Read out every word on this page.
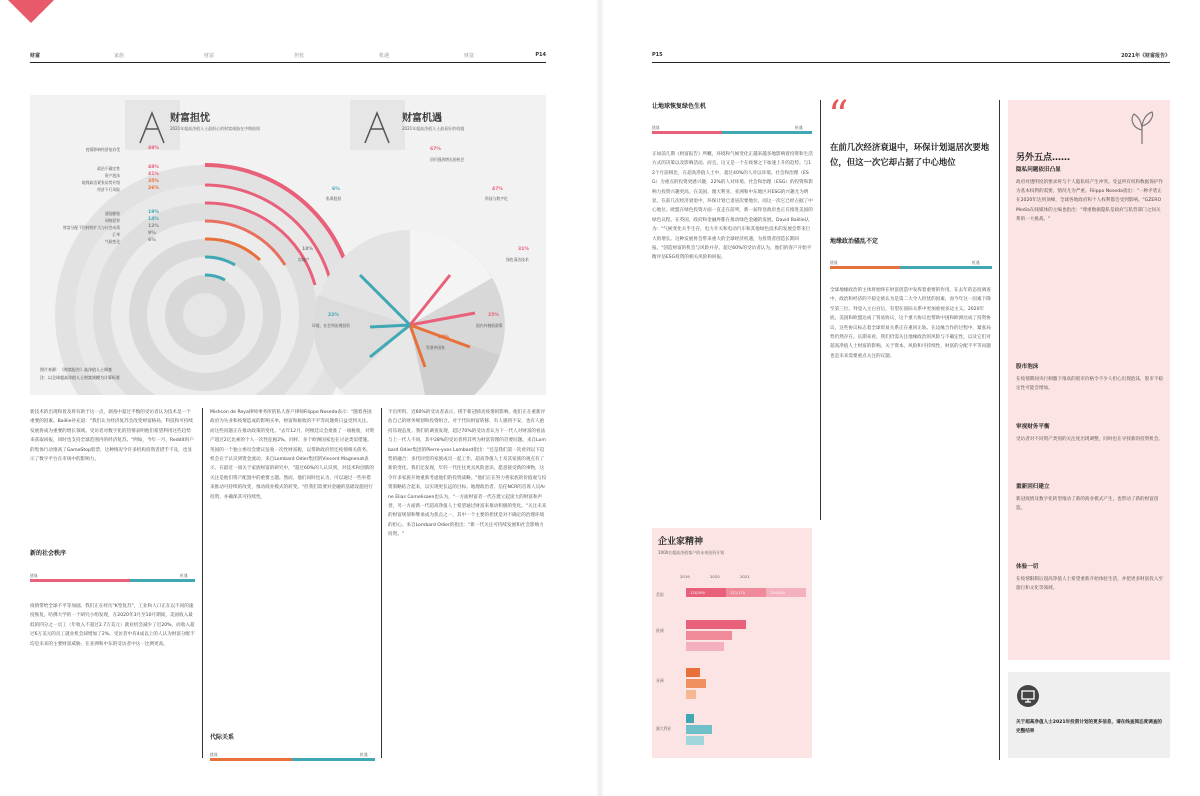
财富	家族	财富	担忧	机遇	财富	P14
财富担忧
2021年超高净值人士最担心的财富威胁在中期前间
疫情影响经济复苏受	49%
政治不确定性	48%
资产泡沫	41%
地缘政治紧张局势升级	35%
经济下行风险	26%
通货膨胀	19%
网络犯罪	14%
财富分配不均持续扩大与社会动荡	12%
汇率	9%
气候变化	6%
财富机遇
2021年超高净值人士最看好的机遇
67%
回归强劲增长的机会
47%
科技与数字化
31%
绿色清洁技术
25%
国内外税收政策
23%
发展中国家
22%
环境、社会和治理投资
18%
房地产
6%
私募股权
图片来源：《财富报告》高净值人士调查
注：以全球超高净值人士财富规模为计算标准
新技术的出现和普及将有助于这一点，调查中超过半数的受访者认为技术是一个重要的因素。Baillie补充道："我们认为经济复苏会改变财富格局，科技和可持续发展将成为重要的增长领域。受访者对数字化的热情表明他们希望利用这些趋势来获取回报，同时也支持全球范围内的经济复苏。"例如，今年一月，Reddit用户的集体行动推高了GameStop股票，这种情况令许多机构投资者措手不及，也显示了数字平台在市场中的影响力。
新的社会秩序
挑战	机遇
疫情带给全球不平等加剧。我们正在经历"K型复苏"，工业和人口正在以不同的速度恢复。哈佛大学的一个研究小组发现，在2020年3月至10月期间，美国收入最低的四分之一员工（年收入不超过2.7万美元）就业机会减少了近20%，而收入超过6万美元的员工就业机会却增加了2%。受访者中有4成以上的人认为财富分配不均是未来的主要财富威胁，在亚洲和中东的受访者中这一比例更高。
Mishcon de Reya律师事务所的私人客户律师Filippo Noseda表示："随着各国政府为失业和疫情造成的影响买单，财富和税收的不平等问题将日益受到关注。而这些问题正在推动政策的变化。"去年12月，阿根廷议会批准了一项税收，对资产超过2亿比索的个人一次性征税2%。同样，多个欧洲国家也在讨论类似措施。英国的一个独立委员会建议征收一次性财富税，以帮助政府偿还疫情相关债务。机会在于认识到资金流动。来自Lombard Odier集团的Vincent Magnenat表示，在最近一项关于家族财富的研究中，"超过60%的人认识到，对技术和创新的关注是他们资产配置中的重要主题。然而，他们同时也认为，可以通过一些举措来推动可持续的改变，推动商业模式的转变。"但我们需要对金融的基础设施进行投资，并确保其可持续性。
代际关系
挑战	机遇
不出所料，近60%的受访者表示，援手新冠肺炎疫情的影响，他们正在重新评估自己的财务规划和投资组合。对于代际财富转移，有人感到不安，也有人抱持乐观态度。我们的调查发现，超过70%的受访者认为下一代人对财富的看法与上一代人不同，其中28%的受访者将其列为财富管理的首要问题。来自Lombard Odier集团的Pierre-yves Lombard指出："还是我们第一次看到以下趋势的融合：多代同堂的家族成员一起工作，超高净值人士及其家族的观点有了新的变化。我们还发现，年轻一代往往更具风险意识，愿意接受新的事物，这令许多家族开始重新考虑他们的投资战略。"他们正在努力将家族的价值观与投资策略结合起来，以实现更长远的目标。地理政治者、信任NCR的首席人员Arne Elias Cornelisaen也认为，"一方面财富者一代在建立起庞大的财富和声誉，另一方面新一代超高净值人士希望通过财富来推动积极的变化。"关注未来的财富规划和继承成为焦点之一，其中一个主要的担忧是对不确定的治理环境的担心。来自Lombard Odier的指出："新一代关注可持续发展和社会影响力投资。"
P15	2021年《财富报告》
让地球恢复绿色生机
挑战	机遇
正如前几期《财富报告》所概，环境和气候变化正越来越多地影响着投资和生活方式的决策以及影响活动。而且，这又是一个在疫情之下加速上升的趋势。与12个月前相比，在超高净值人士中，超过40%的人对以环境、社会和治理（ESG）为重点的投资更感兴趣，22%的人对环境、社会和治理（ESG）的投资和影响力投资兴趣更高。在美国、澳大利亚、亚洲和中东地区对ESG的兴趣尤为明显。在前几次经济衰退中，环保计划已退居次要地位，而这一次它已经占据了中心地位。欧盟在绿色投资方面一直走在前列，新一届拜登政府也正在推进美国的绿色议程。在英国，政府和金融界都在推动绿色金融的发展。David Baillie认为："气候变化关乎生存，电力开关和电动汽车和其他绿色技术的发展会带来巨大的增长。这种发展将会带来重大的全球经济机遇，为投资者创造长期回报。"创造财富的机会与风险并存。超过60%的受访者认为，他们的客户开始平衡评估ESG投资的相关风险和回报。
企业家精神
1000名超高净值客户的未来投资计划
2019	2020	2021
美国	128,590	123,170	134,000
欧洲
亚洲
澳大利亚
“
在前几次经济衰退中，环保计划退居次要地位，但这一次它却占据了中心地位
地缘政治骚乱不定
挑战	机遇
全球地缘政治的主体将始终在财富创造中发挥着重要的作用。在去年的态度调查中，政治和经济的不稳定被认为是第二大令人担忧的因素，而今年这一因素下降至第三位。拜登入主白宫后，有望在国际关系中更加重视多边主义。2020年底，美国和欧盟达成了贸易协议，这个重大协议也帮助中国和欧洲达成了投资协议。这些协议标志着全球贸易关系正在重回正轨。在边缘合作的过程中，紧张局势仍然存在。长期来看，我们仍需关注地缘政治的风险与不确定性，以及它们对超高净值人士财富的影响。关于资本、风险和可持续性，财富的分配不平等问题也是未来需要重点关注的议题。
另外五点……
隐私问题依旧凸显
政府对透明度的要求将与个人隐私权产生冲突。受益所有权和数据保护作为基本权利的需要，情况尤为严重。Filippo Noseda指出："一种矛盾正在2020年达到顶峰，全球各地政府和个人权利都会受到影响。"GZERO Media在线媒体的主编也指出："尊重数据隐私是政府与私营部门之间关系的一大挑战。"
股市泡沫
在疫情期间央行刺激下推高的股市价格令不少人担心出现泡沫，股市不稳定性可能会增加。
审视财务平衡
受访者对不同资产类别的关注度出现调整，同时也在寻找新的投资机会。
重新回归建立
新冠疫情及数字化转型推动了新的商业模式产生，也带动了新的财富创造。
体验一切
在疫情限制后超高净值人士希望重新开始体验生活，并把更多财富投入至旅行和文化等领域。
关于超高净值人士2021年投资计划的更多信息，请在线查阅态度调查的完整结果
